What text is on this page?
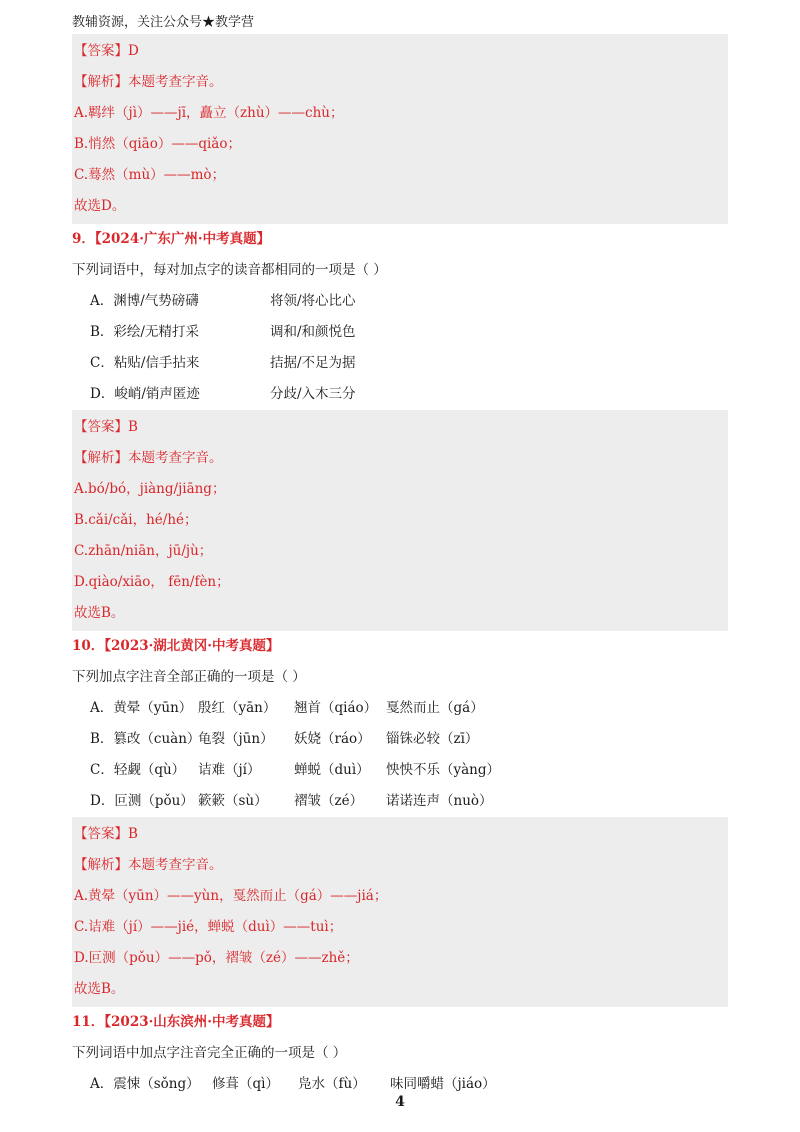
教辅资源，关注公众号★教学营
【答案】D
【解析】本题考查字音。
A.羁绊（jì）——jī，矗立（zhù）——chù；
B.悄然（qiāo）——qiǎo；
C.蓦然（mù）——mò；
故选D。
9．【2024·广东广州·中考真题】
下列词语中，每对加点字的读音都相同的一项是（ ）
A．渊博/气势磅礴	将领/将心比心
B．彩绘/无精打采	调和/和颜悦色
C．粘贴/信手拈来	拮据/不足为据
D．峻峭/销声匿迹	分歧/入木三分
【答案】B
【解析】本题考查字音。
A.bó/bó，jiàng/jiāng；
B.cǎi/cǎi，hé/hé；
C.zhān/niān，jū/jù；
D.qiào/xiāo， fēn/fèn；
故选B。
10．【2023·湖北黄冈·中考真题】
下列加点字注音全部正确的一项是（ ）
A．黄晕（yūn） 殷红（yān） 翘首（qiáo） 戛然而止（gá）
B．篡改（cuàn）龟裂（jūn） 妖娆（ráo） 锱铢必较（zī）
C．轻觑（qù） 诘难（jí） 蝉蜕（duì） 怏怏不乐（yàng）
D．叵测（pǒu） 簌簌（sù） 褶皱（zé） 诺诺连声（nuò）
【答案】B
【解析】本题考查字音。
A.黄晕（yūn）——yùn，戛然而止（gá）——jiá；
C.诘难（jí）——jié，蝉蜕（duì）——tuì；
D.叵测（pǒu）——pǒ，褶皱（zé）——zhě；
故选B。
11．【2023·山东滨州·中考真题】
下列词语中加点字注音完全正确的一项是（ ）
A．震悚（sǒng） 修葺（qì） 凫水（fù） 味同嚼蜡（jiáo）
4
